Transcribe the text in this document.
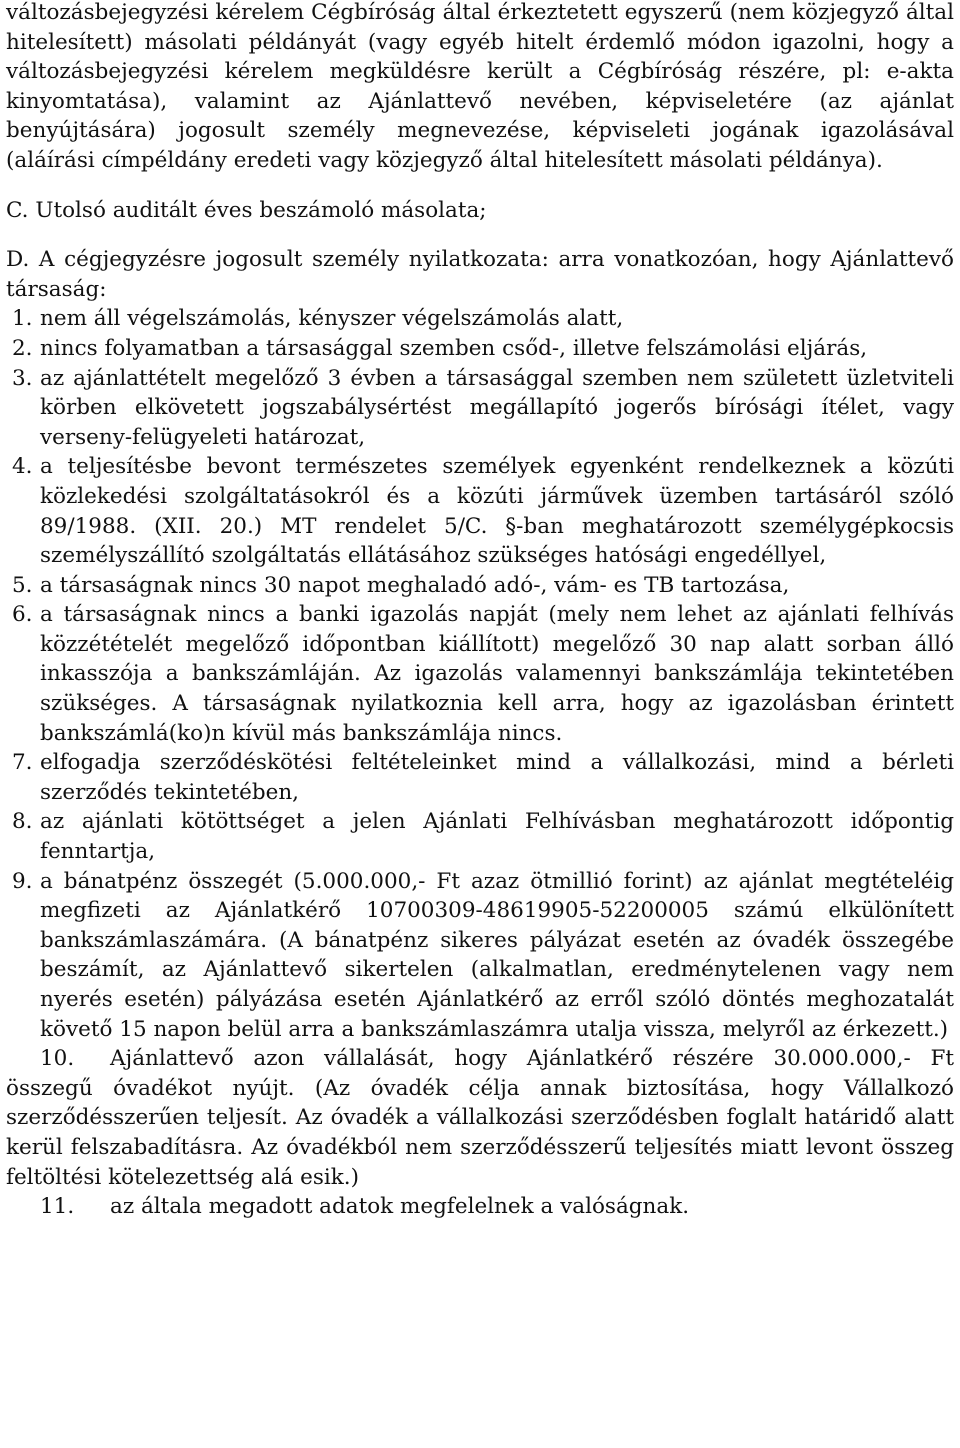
változásbejegyzési kérelem Cégbíróság által érkeztetett egyszerű (nem közjegyző által hitelesített) másolati példányát (vagy egyéb hitelt érdemlő módon igazolni, hogy a változásbejegyzési kérelem megküldésre került a Cégbíróság részére, pl: e-akta kinyomtatása), valamint az Ajánlattevő nevében, képviseletére (az ajánlat benyújtására) jogosult személy megnevezése, képviseleti jogának igazolásával (aláírási címpéldány eredeti vagy közjegyző által hitelesített másolati példánya).

C. Utolsó auditált éves beszámoló másolata;

D. A cégjegyzésre jogosult személy nyilatkozata: arra vonatkozóan, hogy Ajánlattevő társaság:

1. nem áll végelszámolás, kényszer végelszámolás alatt,
2. nincs folyamatban a társasággal szemben csőd-, illetve felszámolási eljárás,
3. az ajánlattételt megelőző 3 évben a társasággal szemben nem született üzletviteli körben elkövetett jogszabálysértést megállapító jogerős bírósági ítélet, vagy verseny-felügyeleti határozat,
4. a teljesítésbe bevont természetes személyek egyenként rendelkeznek a közúti közlekedési szolgáltatásokról és a közúti járművek üzemben tartásáról szóló 89/1988. (XII. 20.) MT rendelet 5/C. §-ban meghatározott személygépkocsis személyszállító szolgáltatás ellátásához szükséges hatósági engedéllyel,
5. a társaságnak nincs 30 napot meghaladó adó-, vám- es TB tartozása,
6. a társaságnak nincs a banki igazolás napját (mely nem lehet az ajánlati felhívás közzétételét megelőző időpontban kiállított) megelőző 30 nap alatt sorban álló inkasszója a bankszámláján. Az igazolás valamennyi bankszámlája tekintetében szükséges. A társaságnak nyilatkoznia kell arra, hogy az igazolásban érintett bankszámlá(ko)n kívül más bankszámlája nincs.
7. elfogadja szerződéskötési feltételeinket mind a vállalkozási, mind a bérleti szerződés tekintetében,
8. az ajánlati kötöttséget a jelen Ajánlati Felhívásban meghatározott időpontig fenntartja,
9. a bánatpénz összegét (5.000.000,- Ft azaz ötmillió forint) az ajánlat megtételéig megfizeti az Ajánlatkérő 10700309-48619905-52200005 számú elkülönített bankszámlaszámára. (A bánatpénz sikeres pályázat esetén az óvadék összegébe beszámít, az Ajánlattevő sikertelen (alkalmatlan, eredménytelenen vagy nem nyerés esetén) pályázása esetén Ajánlatkérő az erről szóló döntés meghozatalát követő 15 napon belül arra a bankszámlaszámra utalja vissza, melyről az érkezett.)

10. Ajánlattevő azon vállalását, hogy Ajánlatkérő részére 30.000.000,- Ft összegű óvadékot nyújt. (Az óvadék célja annak biztosítása, hogy Vállalkozó szerződésszerűen teljesít. Az óvadék a vállalkozási szerződésben foglalt határidő alatt kerül felszabadításra. Az óvadékból nem szerződésszerű teljesítés miatt levont összeg feltöltési kötelezettség alá esik.)

11. az általa megadott adatok megfelelnek a valóságnak.
